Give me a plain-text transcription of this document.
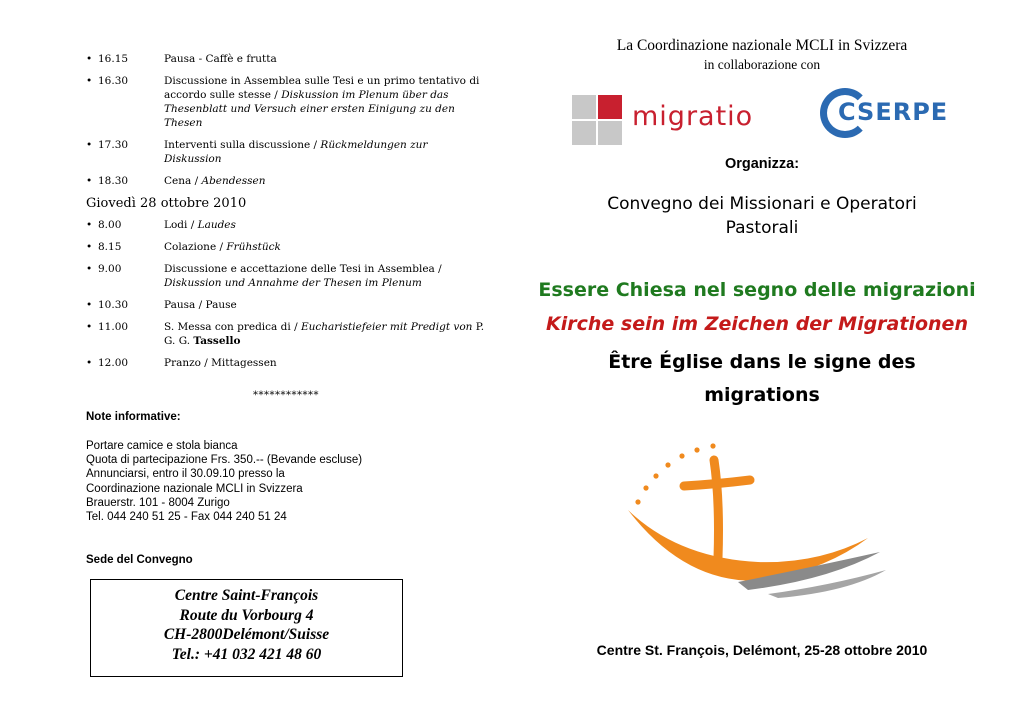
• 16.15	Pausa - Caffè e frutta
• 16.30	Discussione in Assemblea sulle Tesi e un primo tentativo di accordo sulle stesse / Diskussion im Plenum über das Thesenblatt und Versuch einer ersten Einigung zu den Thesen
• 17.30	Interventi sulla discussione / Rückmeldungen zur Diskussion
• 18.30	Cena / Abendessen
Giovedì 28 ottobre 2010
• 8.00	Lodi / Laudes
• 8.15	Colazione / Frühstück
• 9.00	Discussione e accettazione delle Tesi in Assemblea / Diskussion und Annahme der Thesen im Plenum
• 10.30	Pausa / Pause
• 11.00	S. Messa con predica di / Eucharistiefeier mit Predigt von P. G. G. Tassello
• 12.00	Pranzo / Mittagessen
************
Note informative:
Portare camice e stola bianca
Quota di partecipazione Frs. 350.-- (Bevande escluse)
Annunciarsi, entro il 30.09.10 presso la
Coordinazione nazionale MCLI in Svizzera
Brauerstr. 101 - 8004 Zurigo
Tel. 044 240 51 25 - Fax 044 240 51 24
Sede del Convegno
Centre Saint-François
Route du Vorbourg 4
CH-2800Delémont/Suisse
Tel.: +41 032 421 48 60
La Coordinazione nazionale MCLI in Svizzera
in collaborazione con
migratio	CSERPE
Organizza:
Convegno dei Missionari e Operatori
Pastorali
Essere Chiesa nel segno delle migrazioni
Kirche sein im Zeichen der Migrationen
Être Église dans le signe des
migrations
Centre St. François, Delémont, 25-28 ottobre 2010
